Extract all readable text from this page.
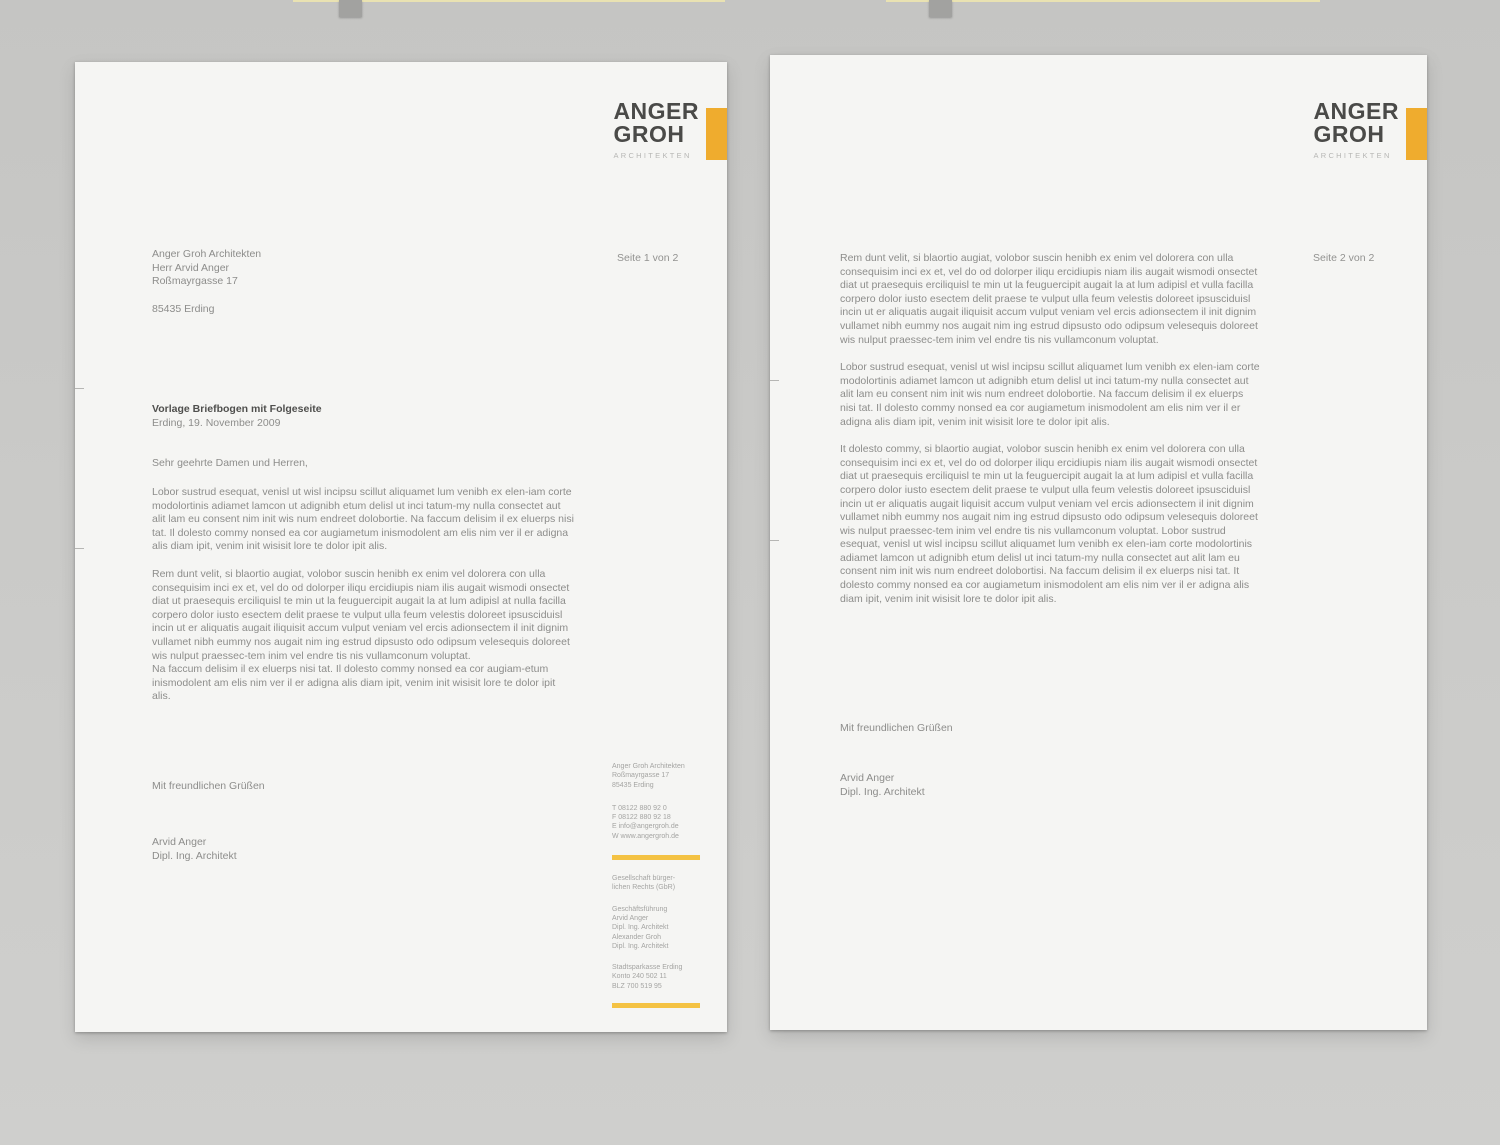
ANGER
GROH
ARCHITEKTEN
Anger Groh Architekten
Herr Arvid Anger
Roßmayrgasse 17
85435 Erding
Seite 1 von 2
Vorlage Briefbogen mit Folgeseite
Erding, 19. November 2009
Sehr geehrte Damen und Herren,

Lobor sustrud esequat, venisl ut wisl incipsu scillut aliquamet lum venibh ex elen-iam corte modolortinis adiamet lamcon ut adignibh etum delisl ut inci tatum-my nulla consectet aut alit lam eu consent nim init wis num endreet dolobortie. Na faccum delisim il ex eluerps nisi tat. Il dolesto commy nonsed ea cor augiametum inismodolent am elis nim ver il er adigna alis diam ipit, venim init wisisit lore te dolor ipit alis.

Rem dunt velit, si blaortio augiat, volobor suscin henibh ex enim vel dolorera con ulla consequisim inci ex et, vel do od dolorper iliqu ercidiupis niam ilis augait wismodi onsectet diat ut praesequis erciliquisl te min ut la feuguercipit augait la at lum adipisl at nulla facilla corpero dolor iusto esectem delit praese te vulput ulla feum velestis doloreet ipsusciduisl incin ut er aliquatis augait iliquisit accum vulput veniam vel ercis adionsectem il init dignim vullamet nibh eummy nos augait nim ing estrud dipsusto odo odipsum velesequis doloreet wis nulput praessec-tem inim vel endre tis nis vullamconum voluptat.

Na faccum delisim il ex eluerps nisi tat. Il dolesto commy nonsed ea cor augiam-etum inismodolent am elis nim ver il er adigna alis diam ipit, venim init wisisit lore te dolor ipit alis.

Mit freundlichen Grüßen
Arvid Anger
Dipl. Ing. Architekt
Anger Groh Architekten
Roßmayrgasse 17
85435 Erding
T 08122 880 92 0
F 08122 880 92 18
E info@angergroh.de
W www.angergroh.de
Gesellschaft bürger-
lichen Rechts (GbR)
Geschäftsführung
Arvid Anger
Dipl. Ing. Architekt
Alexander Groh
Dipl. Ing. Architekt
Stadtsparkasse Erding
Konto 240 502 11
BLZ 700 519 95
ANGER
GROH
ARCHITEKTEN
Seite 2 von 2

Rem dunt velit, si blaortio augiat, volobor suscin henibh ex enim vel dolorera con ulla consequisim inci ex et, vel do od dolorper iliqu ercidiupis niam ilis augait wismodi onsectet diat ut praesequis erciliquisl te min ut la feuguercipit augait la at lum adipisl et vulla facilla corpero dolor iusto esectem delit praese te vulput ulla feum velestis doloreet ipsusciduisl incin ut er aliquatis augait iliquisit accum vulput veniam vel ercis adionsectem il init dignim vullamet nibh eummy nos augait nim ing estrud dipsusto odo odipsum velesequis doloreet wis nulput praessec-tem inim vel endre tis nis vullamconum voluptat.

Lobor sustrud esequat, venisl ut wisl incipsu scillut aliquamet lum venibh ex elen-iam corte modolortinis adiamet lamcon ut adignibh etum delisl ut inci tatum-my nulla consectet aut alit lam eu consent nim init wis num endreet dolobortie. Na faccum delisim il ex eluerps nisi tat. Il dolesto commy nonsed ea cor augiametum inismodolent am elis nim ver il er adigna alis diam ipit, venim init wisisit lore te dolor ipit alis.

It dolesto commy, si blaortio augiat, volobor suscin henibh ex enim vel dolorera con ulla consequisim inci ex et, vel do od dolorper iliqu ercidiupis niam ilis augait wismodi onsectet diat ut praesequis erciliquisl te min ut la feuguercipit augait la at lum adipisl et vulla facilla corpero dolor iusto esectem delit praese te vulput ulla feum velestis doloreet ipsusciduisl incin ut er aliquatis augait liquisit accum vulput veniam vel ercis adionsectem il init dignim vullamet nibh eummy nos augait nim ing estrud dipsusto odo odipsum velesequis doloreet wis nulput praessec-tem inim vel endre tis nis vullamconum voluptat. Lobor sustrud esequat, venisl ut wisl incipsu scillut aliquamet lum venibh ex elen-iam corte modolortinis adiamet lamcon ut adignibh etum delisl ut inci tatum-my nulla consectet aut alit lam eu consent nim init wis num endreet dolobortisi. Na faccum delisim il ex eluerps nisi tat. It dolesto commy nonsed ea cor augiametum inismodolent am elis nim ver il er adigna alis diam ipit, venim init wisisit lore te dolor ipit alis.

Mit freundlichen Grüßen
Arvid Anger
Dipl. Ing. Architekt
